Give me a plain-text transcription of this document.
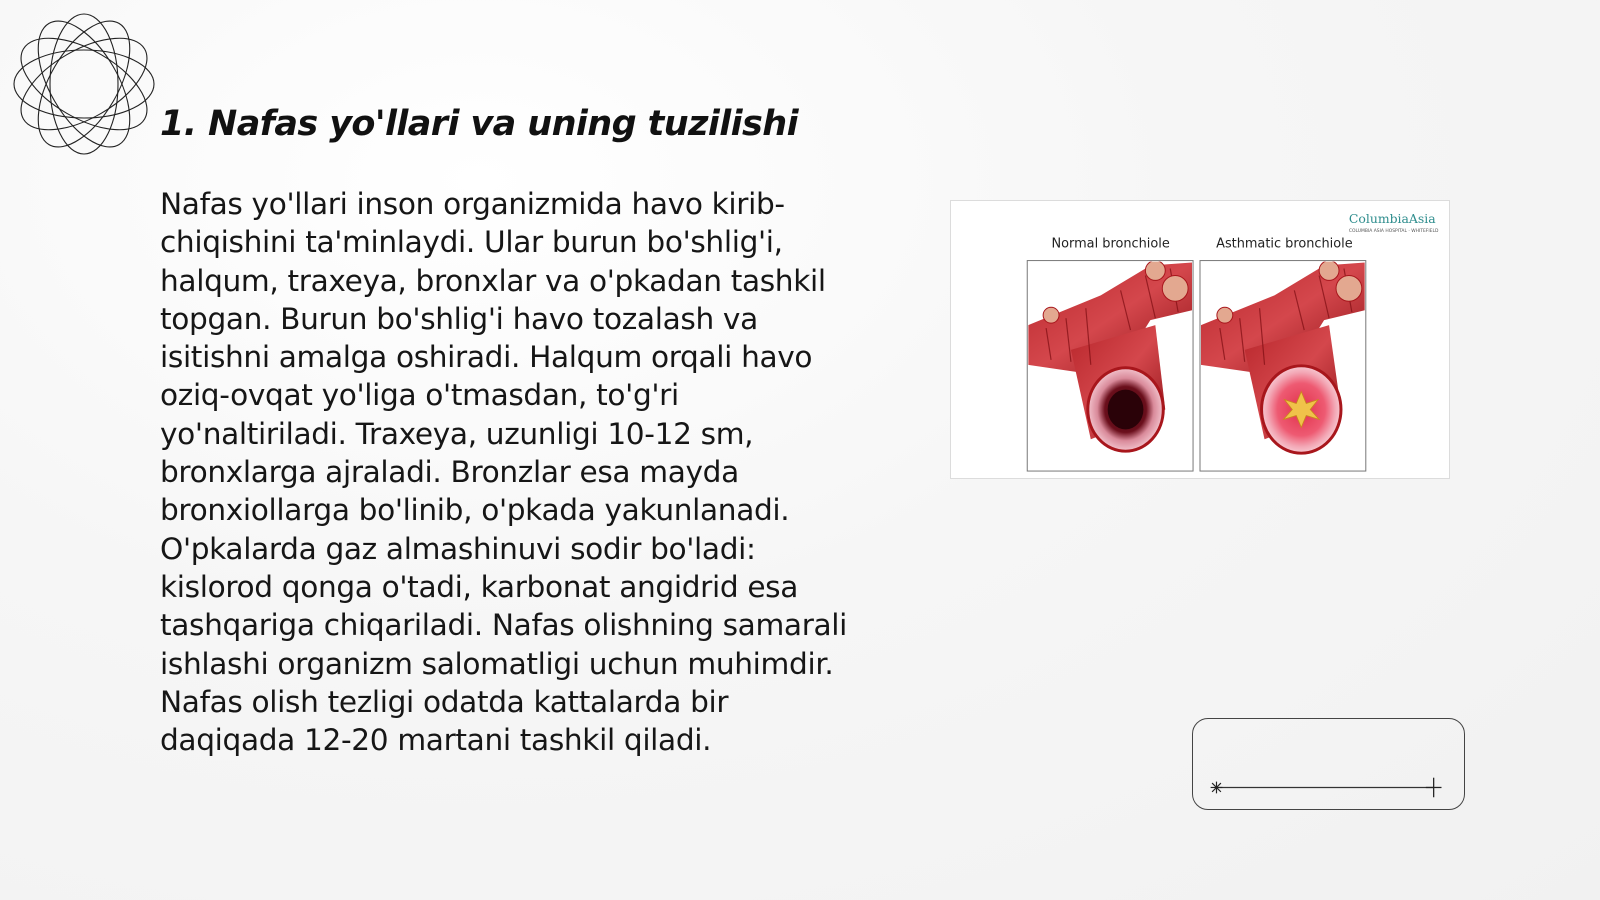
1. Nafas yo'llari va uning tuzilishi

Nafas yo'llari inson organizmida havo kirib-chiqishini ta'minlaydi. Ular burun bo'shlig'i, halqum, traxeya, bronxlar va o'pkadan tashkil topgan. Burun bo'shlig'i havo tozalash va isitishni amalga oshiradi. Halqum orqali havo oziq-ovqat yo'liga o'tmasdan, to'g'ri yo'naltiriladi. Traxeya, uzunligi 10-12 sm, bronxlarga ajraladi. Bronzlar esa mayda bronxiollarga bo'linib, o'pkada yakunlanadi. O'pkalarda gaz almashinuvi sodir bo'ladi: kislorod qonga o'tadi, karbonat angidrid esa tashqariga chiqariladi. Nafas olishning samarali ishlashi organizm salomatligi uchun muhimdir. Nafas olish tezligi odatda kattalarda bir daqiqada 12-20 martani tashkil qiladi.

ColumbiaAsia
COLUMBIA ASIA HOSPITAL · WHITEFIELD
Normal bronchiole	Asthmatic bronchiole
